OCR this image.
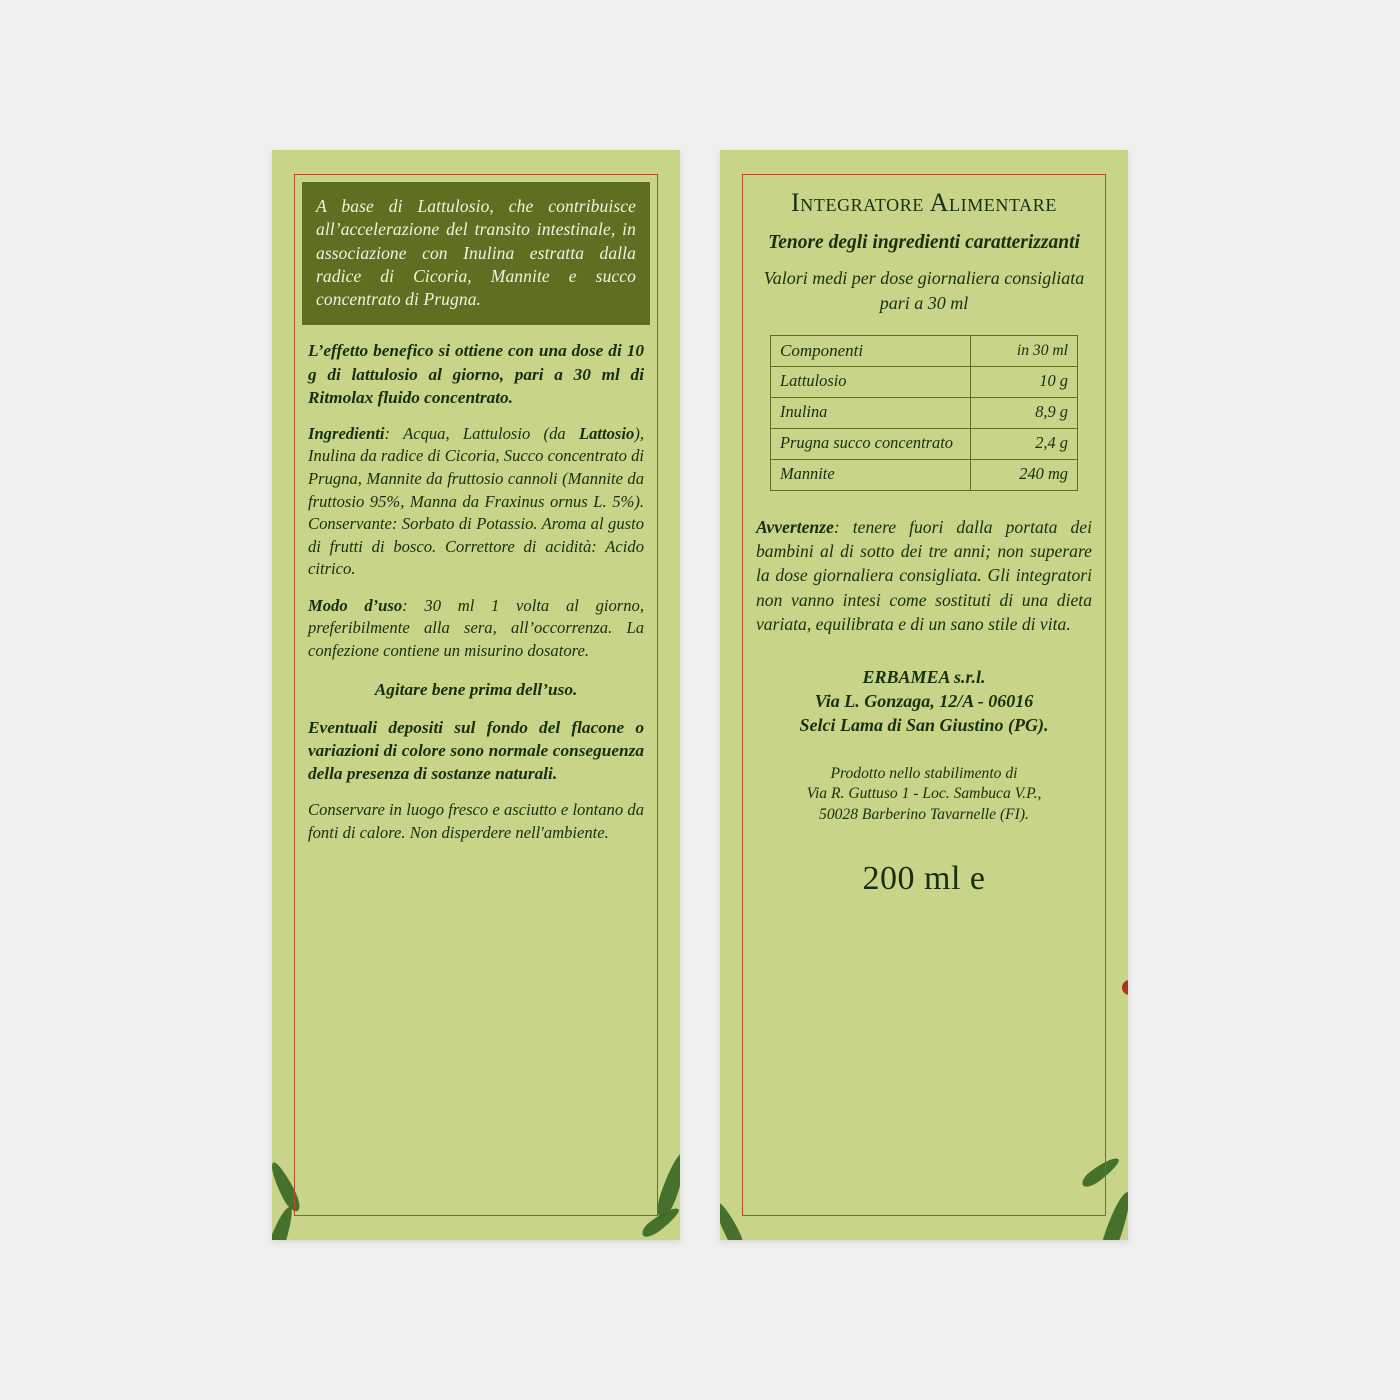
A base di Lattulosio, che contribuisce all’accelerazione del transito intestinale, in associazione con Inulina estratta dalla radice di Cicoria, Mannite e succo concentrato di Prugna.

L’effetto benefico si ottiene con una dose di 10 g di lattulosio al giorno, pari a 30 ml di Ritmolax fluido concentrato.

Ingredienti: Acqua, Lattulosio (da Lattosio), Inulina da radice di Cicoria, Succo concentrato di Prugna, Mannite da fruttosio cannoli (Mannite da fruttosio 95%, Manna da Fraxinus ornus L. 5%). Conservante: Sorbato di Potassio. Aroma al gusto di frutti di bosco. Correttore di acidità: Acido citrico.

Modo d’uso: 30 ml 1 volta al giorno, preferibilmente alla sera, all’occorrenza. La confezione contiene un misurino dosatore.

Agitare bene prima dell’uso.

Eventuali depositi sul fondo del flacone o variazioni di colore sono normale conseguenza della presenza di sostanze naturali.

Conservare in luogo fresco e asciutto e lontano da fonti di calore. Non disperdere nell'ambiente.

Integratore Alimentare

Tenore degli ingredienti caratterizzanti

Valori medi per dose giornaliera consigliata pari a 30 ml

Componenti	in 30 ml
Lattulosio	10 g
Inulina	8,9 g
Prugna succo concentrato	2,4 g
Mannite	240 mg

Avvertenze: tenere fuori dalla portata dei bambini al di sotto dei tre anni; non superare la dose giornaliera consigliata. Gli integratori non vanno intesi come sostituti di una dieta variata, equilibrata e di un sano stile di vita.

ERBAMEA s.r.l.
Via L. Gonzaga, 12/A - 06016
Selci Lama di San Giustino (PG).
Prodotto nello stabilimento di
Via R. Guttuso 1 - Loc. Sambuca V.P.,
50028 Barberino Tavarnelle (FI).
200 ml e
